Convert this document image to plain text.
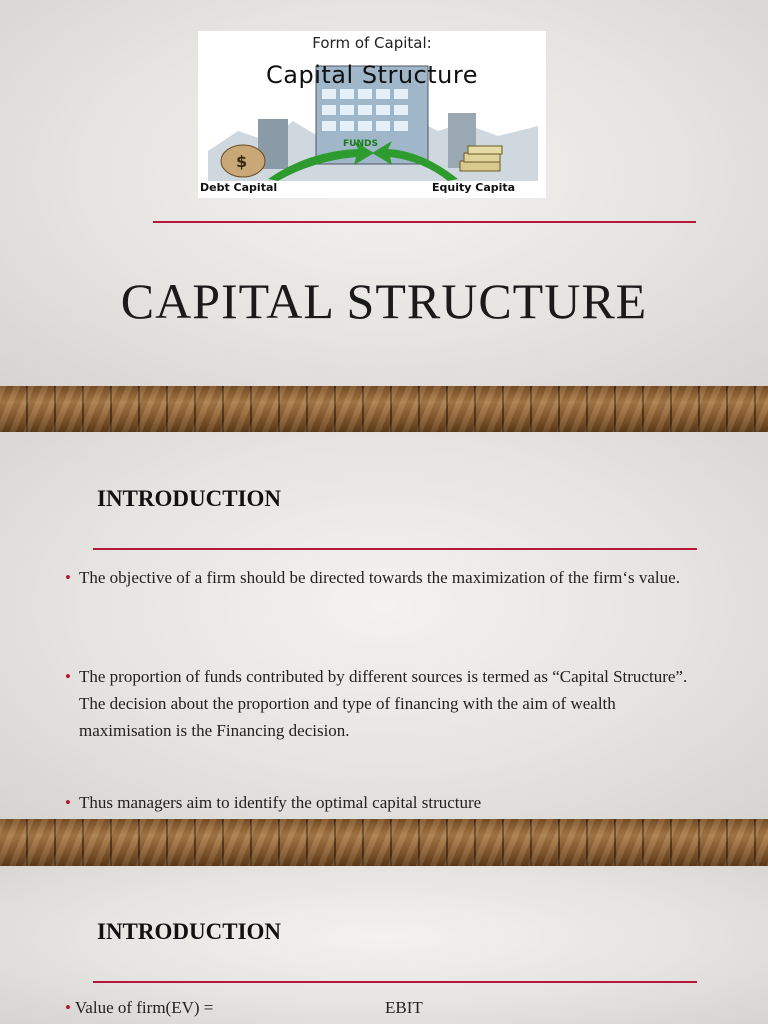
$
Form of Capital:
Capital Structure
FUNDS
Debt Capital	Equity Capita
CAPITAL STRUCTURE
INTRODUCTION
• The objective of a firm should be directed towards the maximization of the firm‘s value.
• The proportion of funds contributed by different sources is termed as “Capital Structure”. The decision about the proportion and type of financing with the aim of wealth maximisation is the Financing decision.
• Thus managers aim to identify the optimal capital structure
INTRODUCTION
• Value of firm(EV) =	EBIT
